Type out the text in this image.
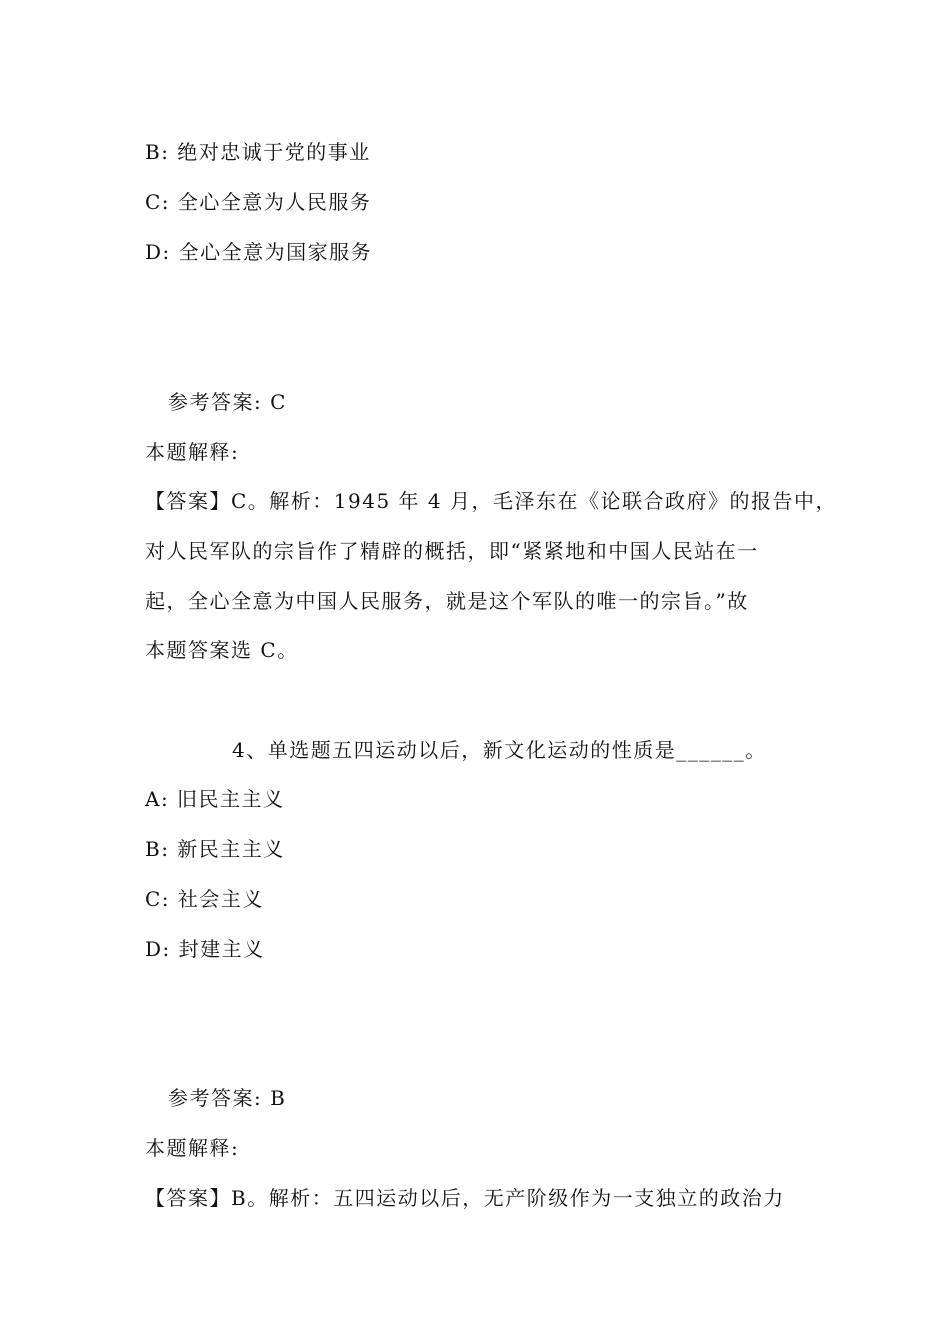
B: 绝对忠诚于党的事业
C: 全心全意为人民服务
D: 全心全意为国家服务
参考答案: C
本题解释:
【答案】C。解析：1945 年 4 月，毛泽东在《论联合政府》的报告中，
对人民军队的宗旨作了精辟的概括，即“紧紧地和中国人民站在一
起，全心全意为中国人民服务，就是这个军队的唯一的宗旨。”故
本题答案选 C。
4、单选题五四运动以后，新文化运动的性质是______。
A: 旧民主主义
B: 新民主主义
C: 社会主义
D: 封建主义
参考答案: B
本题解释:
【答案】B。解析：五四运动以后，无产阶级作为一支独立的政治力
